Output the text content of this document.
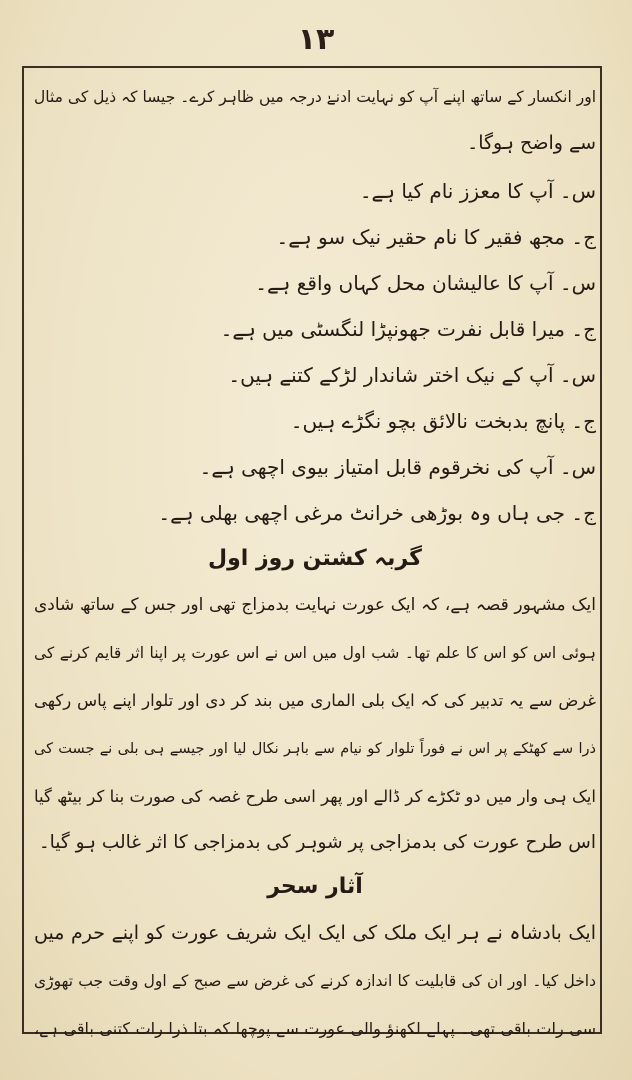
۱۳
اور انکسار کے ساتھ اپنے آپ کو نہایت ادنےٰ درجہ میں ظاہر کرے۔ جیسا کہ ذیل کی مثال
سے واضح ہوگا۔
س۔ آپ کا معزز نام کیا ہے۔
ج۔ مجھ فقیر کا نام حقیر نیک سو ہے۔
س۔ آپ کا عالیشان محل کہاں واقع ہے۔
ج۔ میرا قابل نفرت جھونپڑا لنگسٹی میں ہے۔
س۔ آپ کے نیک اختر شاندار لڑکے کتنے ہیں۔
ج۔ پانچ بدبخت نالائق بچو نگڑے ہیں۔
س۔ آپ کی نخرقوم قابل امتیاز بیوی اچھی ہے۔
ج۔ جی ہاں وہ بوڑھی خرانٹ مرغی اچھی بھلی ہے۔
گربہ کشتن روز اول
ایک مشہور قصہ ہے، کہ ایک عورت نہایت بدمزاج تھی اور جس کے ساتھ شادی
ہوئی اس کو اس کا علم تھا۔ شب اول میں اس نے اس عورت پر اپنا اثر قایم کرنے کی
غرض سے یہ تدبیر کی کہ ایک بلی الماری میں بند کر دی اور تلوار اپنے پاس رکھی
ذرا سے کھٹکے پر اس نے فوراً تلوار کو نیام سے باہر نکال لیا اور جیسے ہی بلی نے جست کی
ایک ہی وار میں دو ٹکڑے کر ڈالے اور پھر اسی طرح غصہ کی صورت بنا کر بیٹھ گیا
اس طرح عورت کی بدمزاجی پر شوہر کی بدمزاجی کا اثر غالب ہو گیا۔
آثار سحر
ایک بادشاہ نے ہر ایک ملک کی ایک ایک شریف عورت کو اپنے حرم میں
داخل کیا۔ اور ان کی قابلیت کا اندازہ کرنے کی غرض سے صبح کے اول وقت جب تھوڑی
سی رات باقی تھی۔ پہلے لکھنؤ والی عورت سے پوچھا کہ بتا ذرا رات کتنی باقی ہے،
